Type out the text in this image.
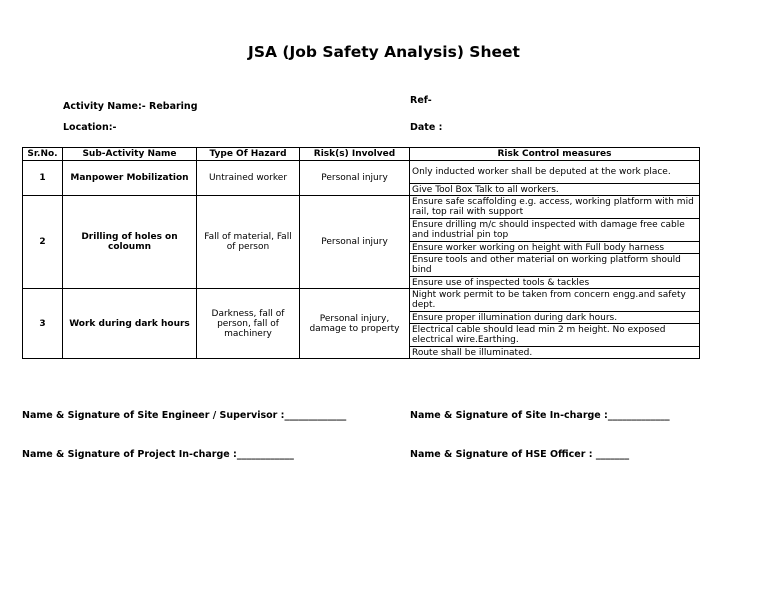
JSA (Job Safety Analysis) Sheet
Activity Name:- Rebaring
Location:-
Ref-
Date :
Sr.No.	Sub-Activity Name	Type Of Hazard	Risk(s) Involved	Risk Control measures
1	Manpower Mobilization	Untrained worker	Personal injury	Only inducted worker shall be deputed at the work place.
				Give Tool Box Talk to all workers.
2	Drilling of holes on coloumn	Fall of material, Fall of person	Personal injury	Ensure safe scaffolding e.g. access, working platform with mid rail, top rail with support
				Ensure drilling m/c should inspected with damage free cable and industrial pin top
				Ensure worker working on height with Full body harness
				Ensure tools and other material on working platform should bind
				Ensure use of inspected tools & tackles
3	Work during dark hours	Darkness, fall of person, fall of machinery	Personal injury, damage to property	Night work permit to be taken from concern engg.and safety dept.
				Ensure proper illumination during dark hours.
				Electrical cable should lead min 2 m height. No exposed electrical wire.Earthing.
				Route shall be illuminated.
Name & Signature of Site Engineer / Supervisor :_____________	Name & Signature of Site In-charge :_____________
Name & Signature of Project In-charge :____________	Name & Signature of HSE Officer : _______
